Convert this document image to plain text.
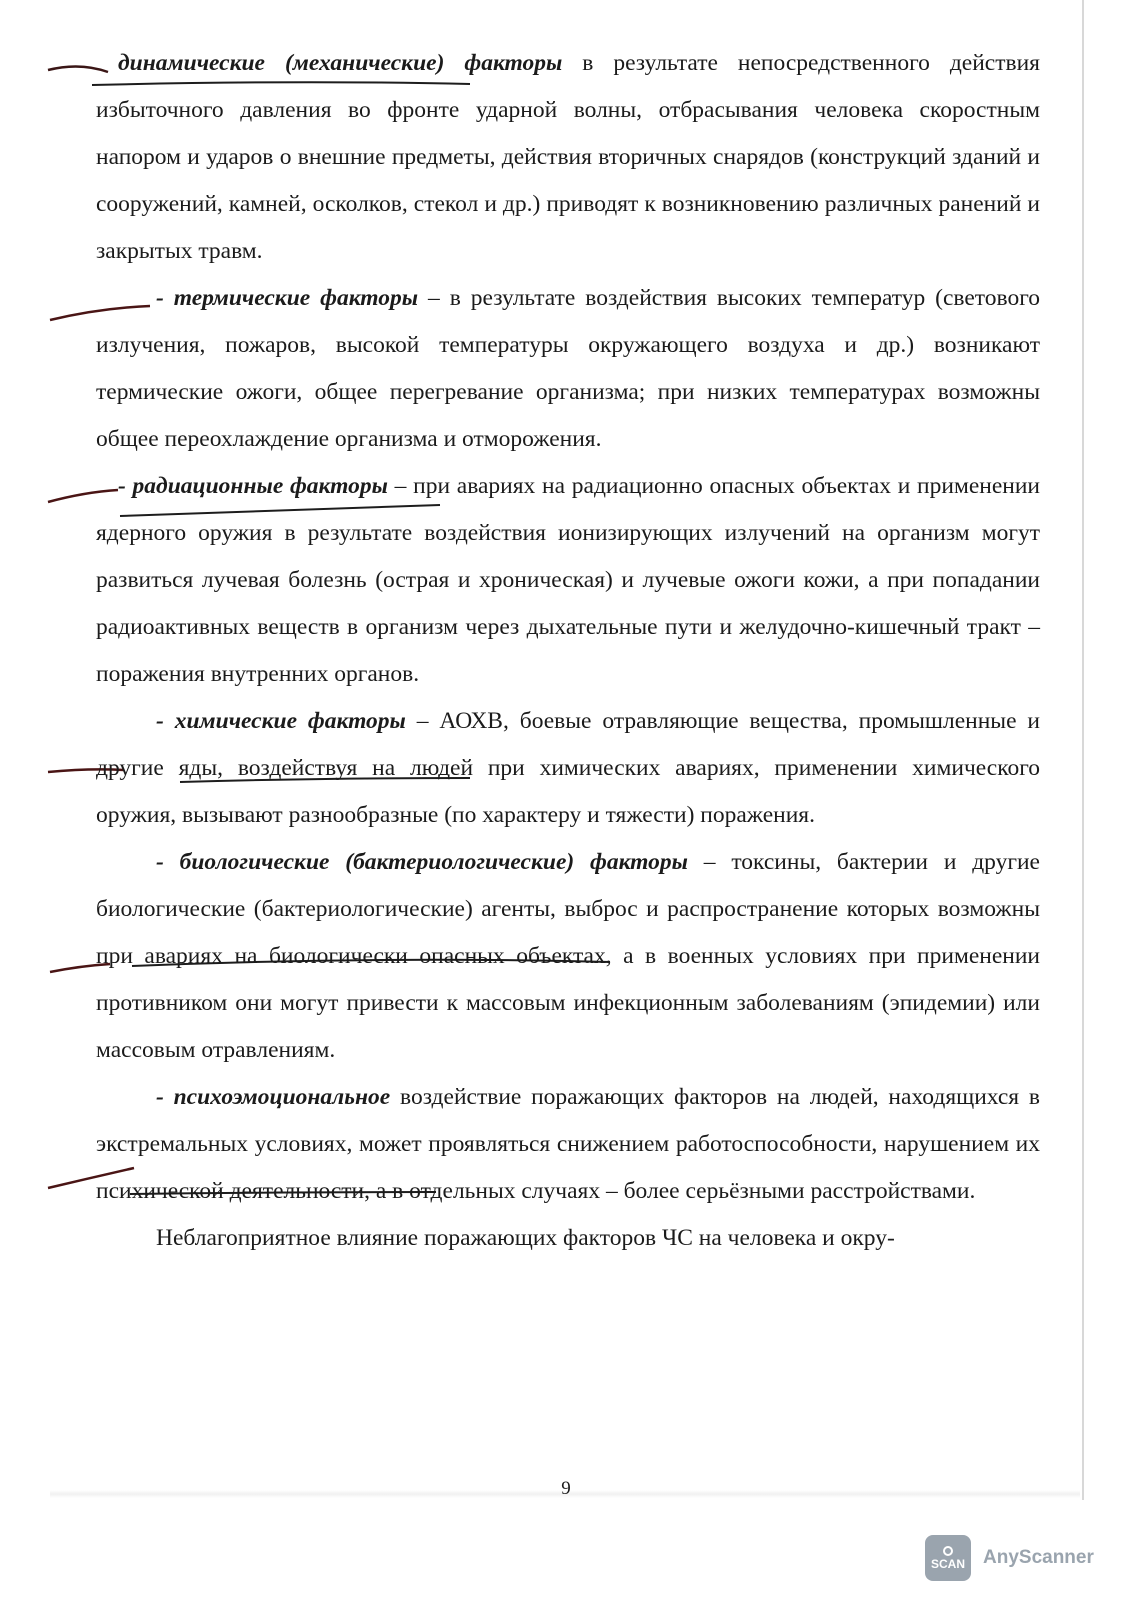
динамические (механические) факторы в результате непосредственного действия избыточного давления во фронте ударной волны, отбрасывания человека скоростным напором и ударов о внешние предметы, действия вторичных снарядов (конструкций зданий и сооружений, камней, осколков, стекол и др.) приводят к возникновению различных ранений и закрытых травм.

- термические факторы – в результате воздействия высоких температур (светового излучения, пожаров, высокой температуры окружающего воздуха и др.) возникают термические ожоги, общее перегревание организма; при низких температурах возможны общее переохлаждение организма и отморожения.

- радиационные факторы – при авариях на радиационно опасных объектах и применении ядерного оружия в результате воздействия ионизирующих излучений на организм могут развиться лучевая болезнь (острая и хроническая) и лучевые ожоги кожи, а при попадании радиоактивных веществ в организм через дыхательные пути и желудочно-кишечный тракт – поражения внутренних органов.

- химические факторы – АОХВ, боевые отравляющие вещества, промышленные и другие яды, воздействуя на людей при химических авариях, применении химического оружия, вызывают разнообразные (по характеру и тяжести) поражения.

- биологические (бактериологические) факторы – токсины, бактерии и другие биологические (бактериологические) агенты, выброс и распространение которых возможны при авариях на биологически опасных объектах, а в военных условиях при применении противником они могут привести к массовым инфекционным заболеваниям (эпидемии) или массовым отравлениям.

- психоэмоциональное воздействие поражающих факторов на людей, находящихся в экстремальных условиях, может проявляться снижением работоспособности, нарушением их психической деятельности, а в отдельных случаях – более серьёзными расстройствами.

Неблагоприятное влияние поражающих факторов ЧС на человека и окру-

9
SCAN AnyScanner
